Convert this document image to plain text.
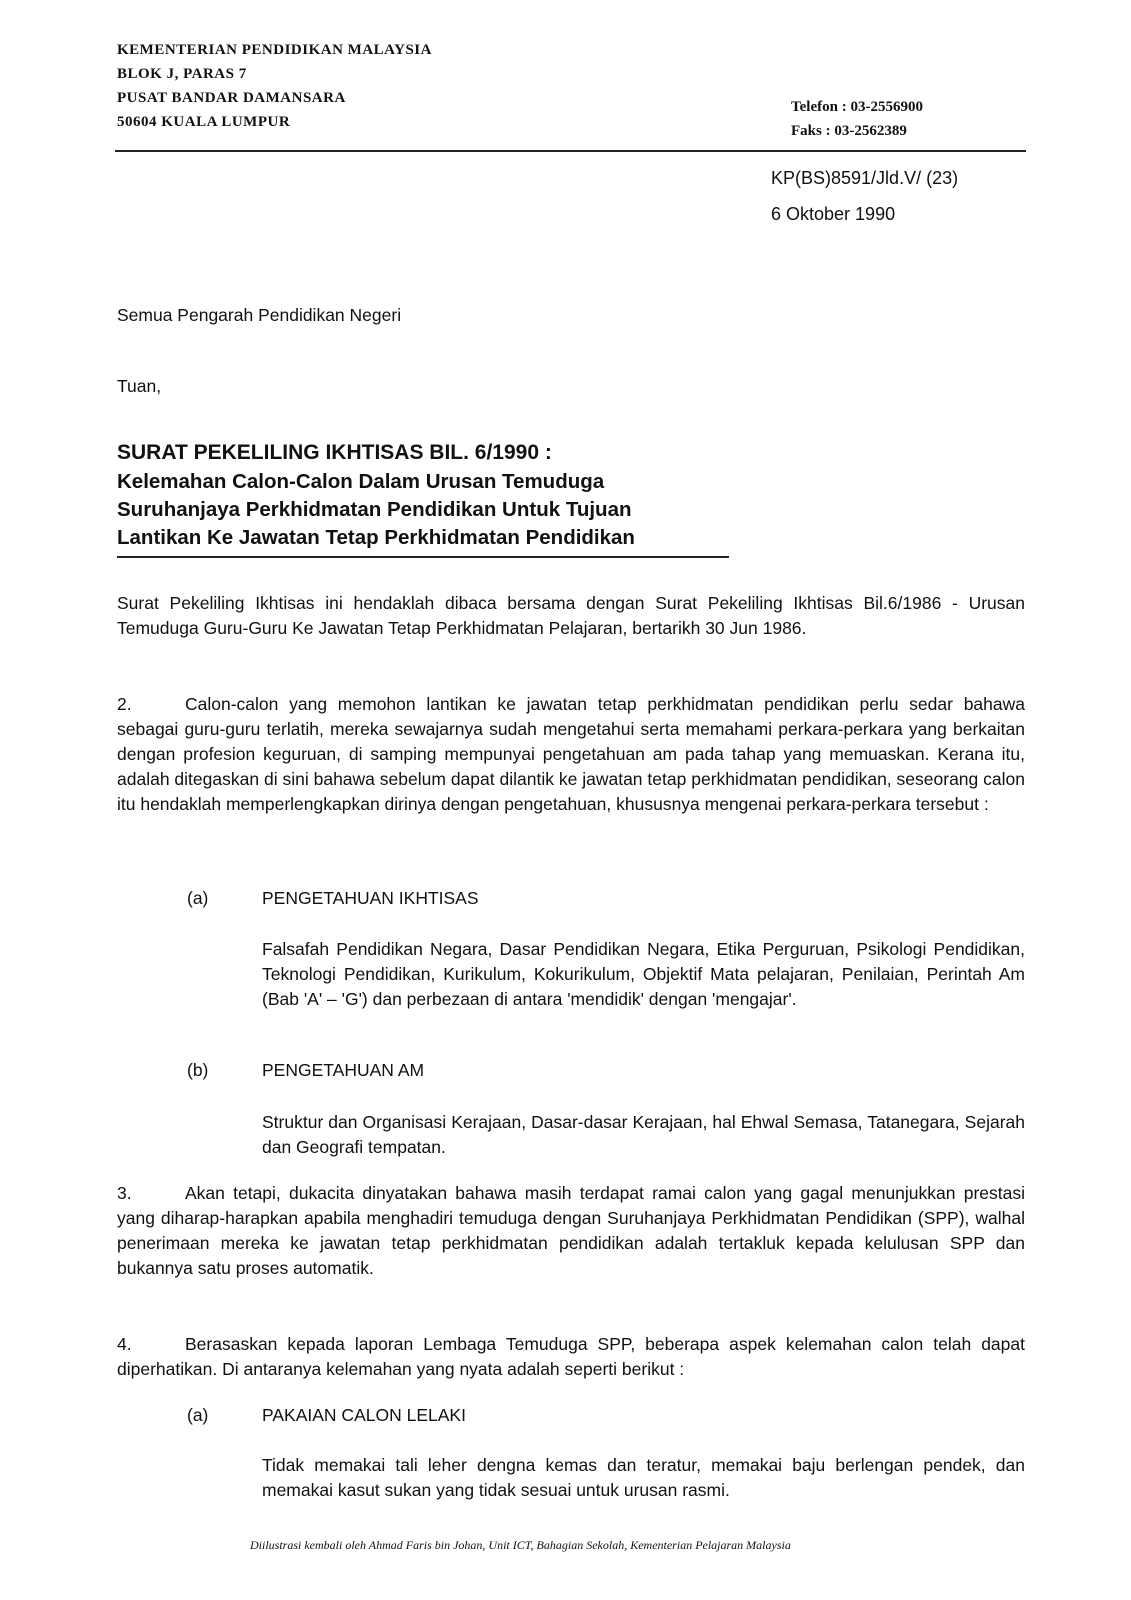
KEMENTERIAN PENDIDIKAN MALAYSIA
BLOK J, PARAS 7
PUSAT BANDAR DAMANSARA
50604 KUALA LUMPUR
Telefon : 03-2556900
Faks : 03-2562389
KP(BS)8591/Jld.V/ (23)
6 Oktober 1990
Semua Pengarah Pendidikan Negeri
Tuan,
SURAT PEKELILING IKHTISAS BIL. 6/1990 :
Kelemahan Calon-Calon Dalam Urusan Temuduga
Suruhanjaya Perkhidmatan Pendidikan Untuk Tujuan
Lantikan Ke Jawatan Tetap Perkhidmatan Pendidikan
Surat Pekeliling Ikhtisas ini hendaklah dibaca bersama dengan Surat Pekeliling Ikhtisas Bil.6/1986 - Urusan Temuduga Guru-Guru Ke Jawatan Tetap Perkhidmatan Pelajaran, bertarikh 30 Jun 1986.
2.	Calon-calon yang memohon lantikan ke jawatan tetap perkhidmatan pendidikan perlu sedar bahawa sebagai guru-guru terlatih, mereka sewajarnya sudah mengetahui serta memahami perkara-perkara yang berkaitan dengan profesion keguruan, di samping mempunyai pengetahuan am pada tahap yang memuaskan. Kerana itu, adalah ditegaskan di sini bahawa sebelum dapat dilantik ke jawatan tetap perkhidmatan pendidikan, seseorang calon itu hendaklah memperlengkapkan dirinya dengan pengetahuan, khususnya mengenai perkara-perkara tersebut :
(a)	PENGETAHUAN IKHTISAS
Falsafah Pendidikan Negara, Dasar Pendidikan Negara, Etika Perguruan, Psikologi Pendidikan, Teknologi Pendidikan, Kurikulum, Kokurikulum, Objektif Mata pelajaran, Penilaian, Perintah Am (Bab 'A' – 'G') dan perbezaan di antara 'mendidik' dengan 'mengajar'.
(b)	PENGETAHUAN AM
Struktur dan Organisasi Kerajaan, Dasar-dasar Kerajaan, hal Ehwal Semasa, Tatanegara, Sejarah dan Geografi tempatan.
3.	Akan tetapi, dukacita dinyatakan bahawa masih terdapat ramai calon yang gagal menunjukkan prestasi yang diharap-harapkan apabila menghadiri temuduga dengan Suruhanjaya Perkhidmatan Pendidikan (SPP), walhal penerimaan mereka ke jawatan tetap perkhidmatan pendidikan adalah tertakluk kepada kelulusan SPP dan bukannya satu proses automatik.
4.	Berasaskan kepada laporan Lembaga Temuduga SPP, beberapa aspek kelemahan calon telah dapat diperhatikan. Di antaranya kelemahan yang nyata adalah seperti berikut :
(a)	PAKAIAN CALON LELAKI
Tidak memakai tali leher dengna kemas dan teratur, memakai baju berlengan pendek, dan memakai kasut sukan yang tidak sesuai untuk urusan rasmi.
Diilustrasi kembali oleh Ahmad Faris bin Johan, Unit ICT, Bahagian Sekolah, Kementerian Pelajaran Malaysia
